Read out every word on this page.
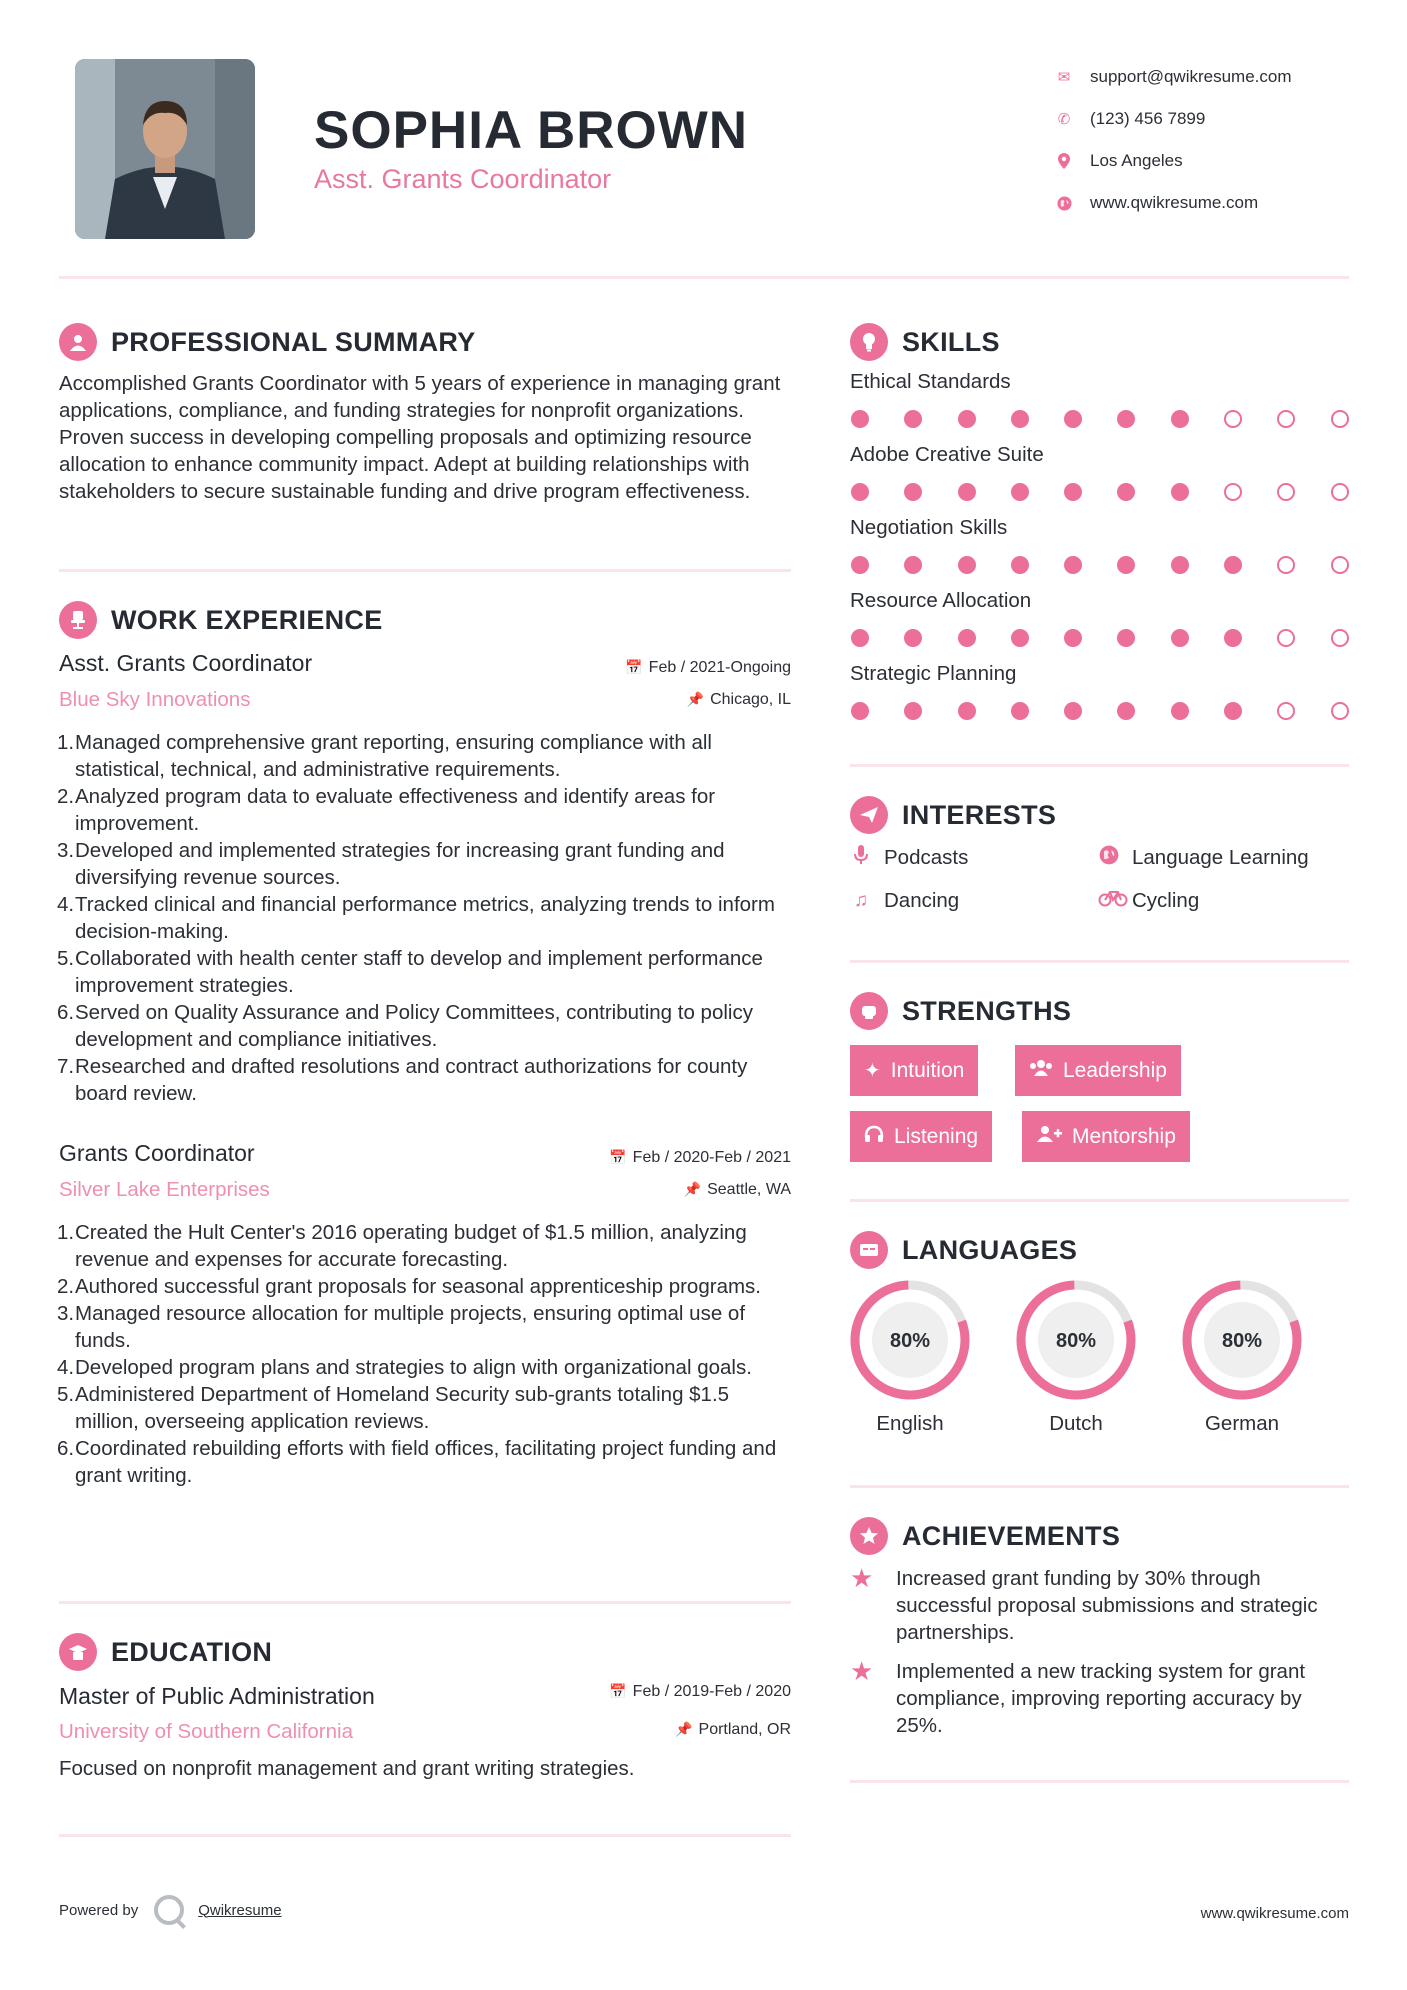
SOPHIA BROWN
Asst. Grants Coordinator
✉	support@qwikresume.com
✆	(123) 456 7899
Los Angeles
www.qwikresume.com
PROFESSIONAL SUMMARY
Accomplished Grants Coordinator with 5 years of experience in managing grant applications, compliance, and funding strategies for nonprofit organizations. Proven success in developing compelling proposals and optimizing resource allocation to enhance community impact. Adept at building relationships with stakeholders to secure sustainable funding and drive program effectiveness.
WORK EXPERIENCE
Asst. Grants Coordinator	📅 Feb / 2021-Ongoing
Blue Sky Innovations	📌 Chicago, IL
1. Managed comprehensive grant reporting, ensuring compliance with all statistical, technical, and administrative requirements.
2. Analyzed program data to evaluate effectiveness and identify areas for improvement.
3. Developed and implemented strategies for increasing grant funding and diversifying revenue sources.
4. Tracked clinical and financial performance metrics, analyzing trends to inform decision-making.
5. Collaborated with health center staff to develop and implement performance improvement strategies.
6. Served on Quality Assurance and Policy Committees, contributing to policy development and compliance initiatives.
7. Researched and drafted resolutions and contract authorizations for county board review.
Grants Coordinator	📅 Feb / 2020-Feb / 2021
Silver Lake Enterprises	📌 Seattle, WA
1. Created the Hult Center's 2016 operating budget of $1.5 million, analyzing revenue and expenses for accurate forecasting.
2. Authored successful grant proposals for seasonal apprenticeship programs.
3. Managed resource allocation for multiple projects, ensuring optimal use of funds.
4. Developed program plans and strategies to align with organizational goals.
5. Administered Department of Homeland Security sub-grants totaling $1.5 million, overseeing application reviews.
6. Coordinated rebuilding efforts with field offices, facilitating project funding and grant writing.
EDUCATION
Master of Public Administration	📅 Feb / 2019-Feb / 2020
University of Southern California	📌 Portland, OR
Focused on nonprofit management and grant writing strategies.
SKILLS
Ethical Standards
Adobe Creative Suite
Negotiation Skills
Resource Allocation
Strategic Planning
INTERESTS
Podcasts	Language Learning
♫ Dancing	Cycling
STRENGTHS
✦ Intuition	Leadership
Listening	Mentorship
LANGUAGES
80%
English
80%
Dutch
80%
German
ACHIEVEMENTS
★	Increased grant funding by 30% through successful proposal submissions and strategic partnerships.
★	Implemented a new tracking system for grant compliance, improving reporting accuracy by 25%.
Powered by	Qwikresume	www.qwikresume.com
